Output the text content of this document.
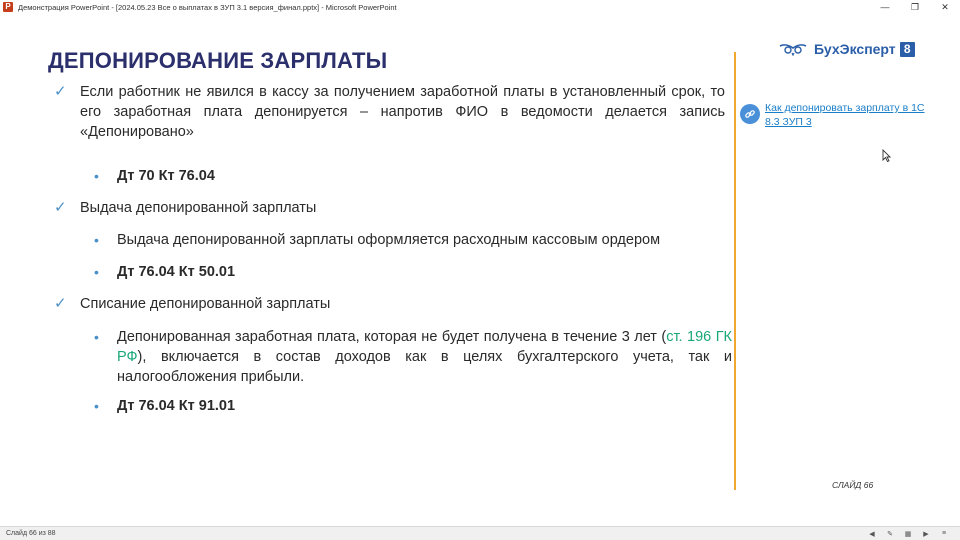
P Демонстрация PowerPoint - [2024.05.23 Все о выплатах в ЗУП 3.1 версия_финал.pptx] - Microsoft PowerPoint	—	❐	✕
ДЕПОНИРОВАНИЕ ЗАРПЛАТЫ
✓ Если работник не явился в кассу за получением заработной платы в установленный срок, то его заработная плата депонируется – напротив ФИО в ведомости делается запись «Депонировано»
• Дт 70 Кт 76.04
✓ Выдача депонированной зарплаты
• Выдача депонированной зарплаты оформляется расходным кассовым ордером
• Дт 76.04 Кт 50.01
✓ Списание депонированной зарплаты
• Депонированная заработная плата, которая не будет получена в течение 3 лет (ст. 196 ГК РФ), включается в состав доходов как в целях бухгалтерского учета, так и налогообложения прибыли.
• Дт 76.04 Кт 91.01
БухЭксперт 8
Как депонировать зарплату в 1С 8.3 ЗУП 3
СЛАЙД 66
Слайд 66 из 88	◀	✎	▦	▶	≡
